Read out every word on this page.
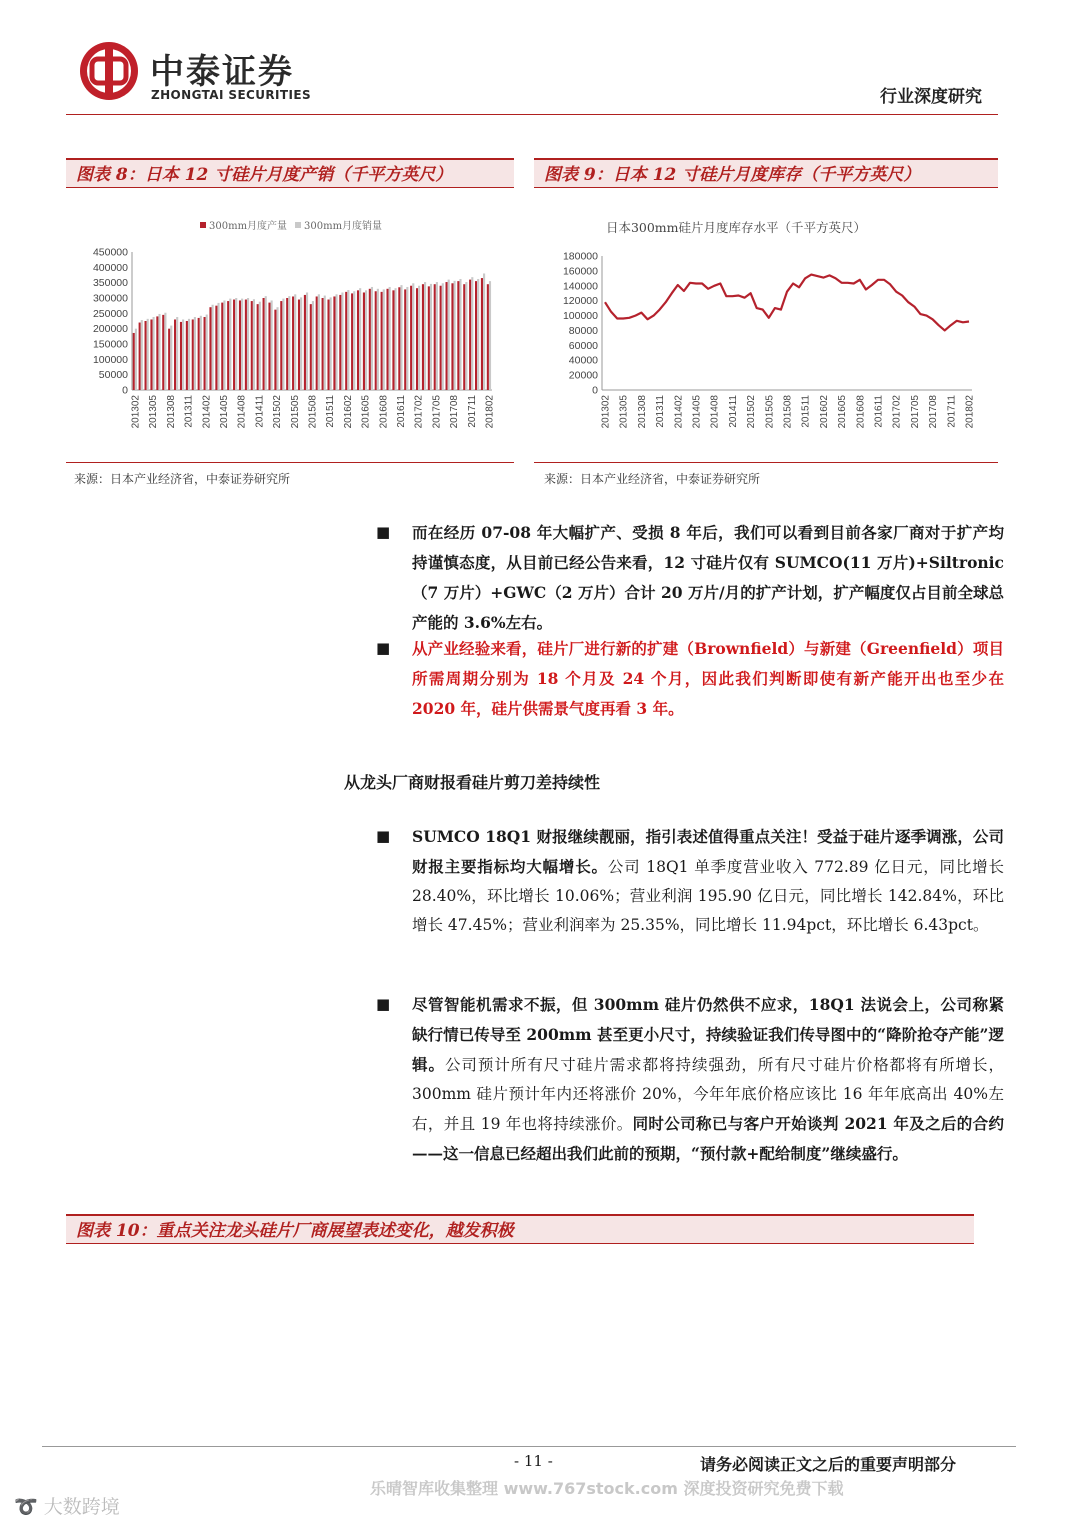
中泰证券
ZHONGTAI SECURITIES	行业深度研究
图表 8：日本 12 寸硅片月度产销（千平方英尺）
300mm月度产量 300mm月度销量
0
50000
100000
150000
200000
250000
300000
350000
400000
450000
201302 201305 201308 201311 201402 201405 201408 201411 201502 201505 201508 201511 201602 201605 201608 201611 201702 201705 201708 201711 201802
来源：日本产业经济省，中泰证券研究所
图表 9：日本 12 寸硅片月度库存（千平方英尺）
日本300mm硅片月度库存水平（千平方英尺）
0
20000
40000
60000
80000
100000
120000
140000
160000
180000
201302 201305 201308 201311 201402 201405 201408 201411 201502 201505 201508 201511 201602 201605 201608 201611 201702 201705 201708 201711 201802
来源：日本产业经济省，中泰证券研究所
■ 而在经历 07-08 年大幅扩产、受损 8 年后，我们可以看到目前各家厂商对于扩产均持谨慎态度，从目前已经公告来看，12 寸硅片仅有 SUMCO(11 万片)+Siltronic（7 万片）+GWC（2 万片）合计 20 万片/月的扩产计划，扩产幅度仅占目前全球总产能的 3.6%左右。
■ 从产业经验来看，硅片厂进行新的扩建（Brownfield）与新建（Greenfield）项目所需周期分别为 18 个月及 24 个月，因此我们判断即使有新产能开出也至少在 2020 年，硅片供需景气度再看 3 年。
从龙头厂商财报看硅片剪刀差持续性
■ SUMCO 18Q1 财报继续靓丽，指引表述值得重点关注！受益于硅片逐季调涨，公司财报主要指标均大幅增长。公司 18Q1 单季度营业收入 772.89 亿日元，同比增长 28.40%，环比增长 10.06%；营业利润 195.90 亿日元，同比增长 142.84%，环比增长 47.45%；营业利润率为 25.35%，同比增长 11.94pct，环比增长 6.43pct。
■ 尽管智能机需求不振，但 300mm 硅片仍然供不应求，18Q1 法说会上，公司称紧缺行情已传导至 200mm 甚至更小尺寸，持续验证我们传导图中的“降阶抢夺产能”逻辑。公司预计所有尺寸硅片需求都将持续强劲，所有尺寸硅片价格都将有所增长，300mm 硅片预计年内还将涨价 20%，今年年底价格应该比 16 年年底高出 40%左右，并且 19 年也将持续涨价。同时公司称已与客户开始谈判 2021 年及之后的合约——这一信息已经超出我们此前的预期，“预付款+配给制度”继续盛行。
图表 10：重点关注龙头硅片厂商展望表述变化，越发积极
- 11 -	请务必阅读正文之后的重要声明部分
乐晴智库收集整理 www.767stock.com 深度投资研究免费下载
➰ 大数跨境
